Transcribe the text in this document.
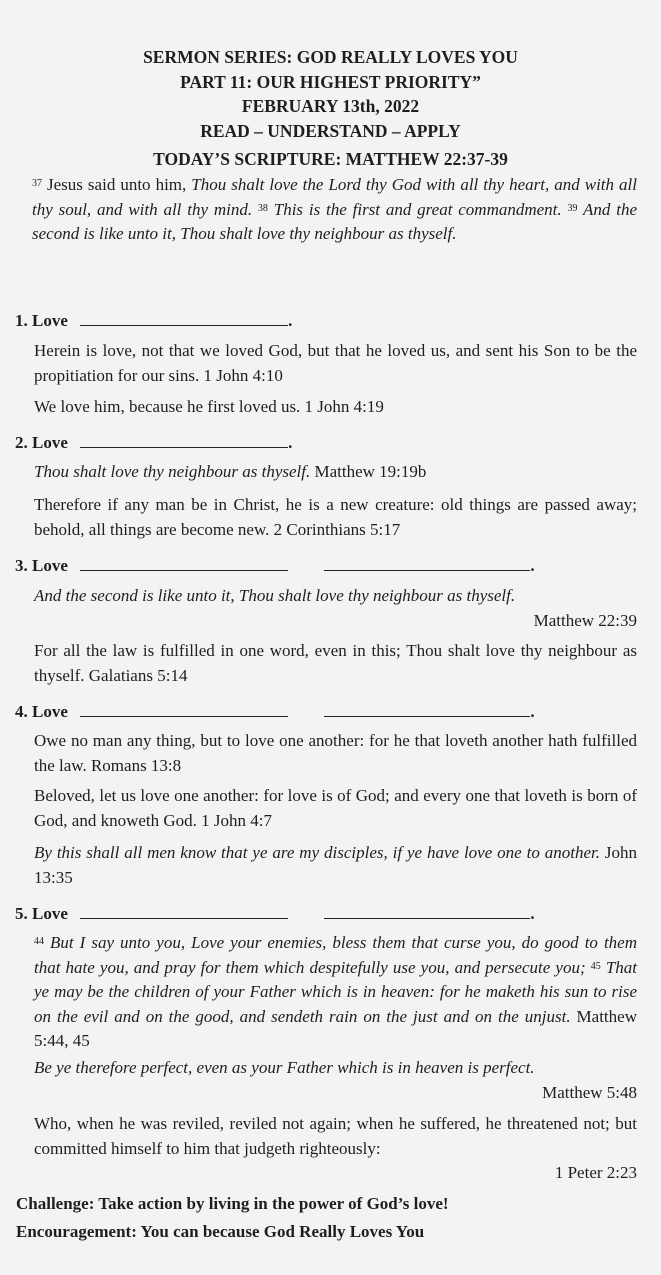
SERMON SERIES: GOD REALLY LOVES YOU
PART 11: OUR HIGHEST PRIORITY”
FEBRUARY 13th, 2022
READ – UNDERSTAND – APPLY
TODAY’S SCRIPTURE: MATTHEW 22:37-39
$^{37}$ Jesus said unto him, Thou shalt love the Lord thy God with all thy heart, and with all thy soul, and with all thy mind. $^{38}$ This is the first and great commandment. $^{39}$ And the second is like unto it, Thou shalt love thy neighbour as thyself.
1. Love	.
Herein is love, not that we loved God, but that he loved us, and sent his Son to be the propitiation for our sins. 1 John 4:10
We love him, because he first loved us. 1 John 4:19
2. Love	.
Thou shalt love thy neighbour as thyself. Matthew 19:19b
Therefore if any man be in Christ, he is a new creature: old things are passed away; behold, all things are become new. 2 Corinthians 5:17
3. Love	.
And the second is like unto it, Thou shalt love thy neighbour as thyself.
Matthew 22:39
For all the law is fulfilled in one word, even in this; Thou shalt love thy neighbour as thyself. Galatians 5:14
4. Love	.
Owe no man any thing, but to love one another: for he that loveth another hath fulfilled the law. Romans 13:8
Beloved, let us love one another: for love is of God; and every one that loveth is born of God, and knoweth God. 1 John 4:7
By this shall all men know that ye are my disciples, if ye have love one to another. John 13:35
5. Love	.
$^{44}$ But I say unto you, Love your enemies, bless them that curse you, do good to them that hate you, and pray for them which despitefully use you, and persecute you; $^{45}$ That ye may be the children of your Father which is in heaven: for he maketh his sun to rise on the evil and on the good, and sendeth rain on the just and on the unjust. Matthew 5:44, 45
Be ye therefore perfect, even as your Father which is in heaven is perfect.
Matthew 5:48
Who, when he was reviled, reviled not again; when he suffered, he threatened not; but committed himself to him that judgeth righteously:
1 Peter 2:23
Challenge: Take action by living in the power of God’s love!
Encouragement: You can because God Really Loves You
